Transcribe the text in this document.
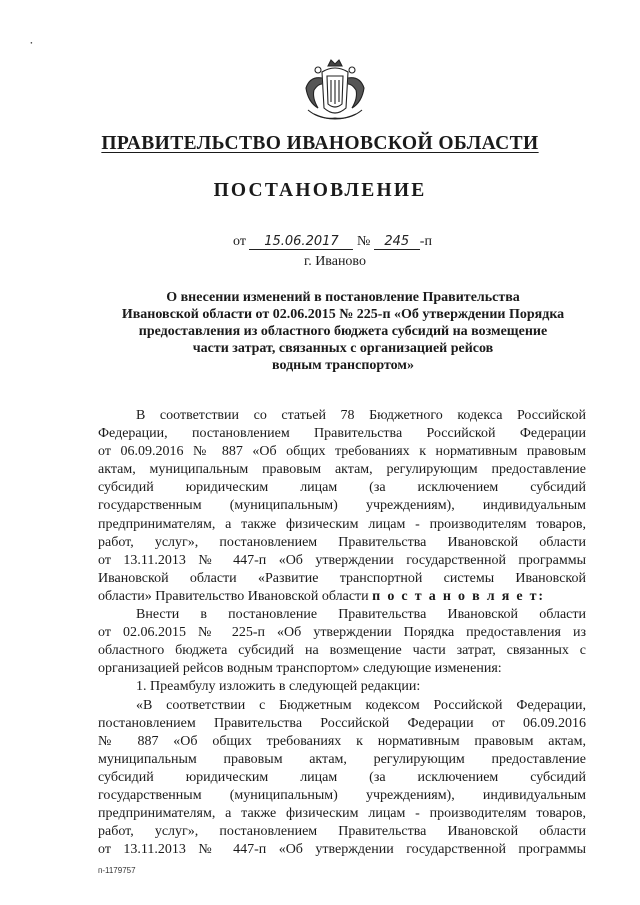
ꞏ
ПРАВИТЕЛЬСТВО ИВАНОВСКОЙ ОБЛАСТИ
ПОСТАНОВЛЕНИЕ
от 15.06.2017 № 245 -п
г. Иваново
О внесении изменений в постановление Правительства
Ивановской области от 02.06.2015 № 225-п «Об утверждении Порядка
предоставления из областного бюджета субсидий на возмещение
части затрат, связанных с организацией рейсов
водным транспортом»
В соответствии со статьей 78 Бюджетного кодекса Российской
Федерации, постановлением Правительства Российской Федерации
от 06.09.2016 № 887 «Об общих требованиях к нормативным правовым
актам, муниципальным правовым актам, регулирующим предоставление
субсидий юридическим лицам (за исключением субсидий
государственным (муниципальным) учреждениям), индивидуальным
предпринимателям, а также физическим лицам - производителям товаров,
работ, услуг», постановлением Правительства Ивановской области
от 13.11.2013 № 447-п «Об утверждении государственной программы
Ивановской области «Развитие транспортной системы Ивановской
области» Правительство Ивановской области п о с т а н о в л я е т:
Внести в постановление Правительства Ивановской области
от 02.06.2015 № 225-п «Об утверждении Порядка предоставления из
областного бюджета субсидий на возмещение части затрат, связанных с
организацией рейсов водным транспортом» следующие изменения:
1. Преамбулу изложить в следующей редакции:
«В соответствии с Бюджетным кодексом Российской Федерации,
постановлением Правительства Российской Федерации от 06.09.2016
№ 887 «Об общих требованиях к нормативным правовым актам,
муниципальным правовым актам, регулирующим предоставление
субсидий юридическим лицам (за исключением субсидий
государственным (муниципальным) учреждениям), индивидуальным
предпринимателям, а также физическим лицам - производителям товаров,
работ, услуг», постановлением Правительства Ивановской области
от 13.11.2013 № 447-п «Об утверждении государственной программы
п-1179757
